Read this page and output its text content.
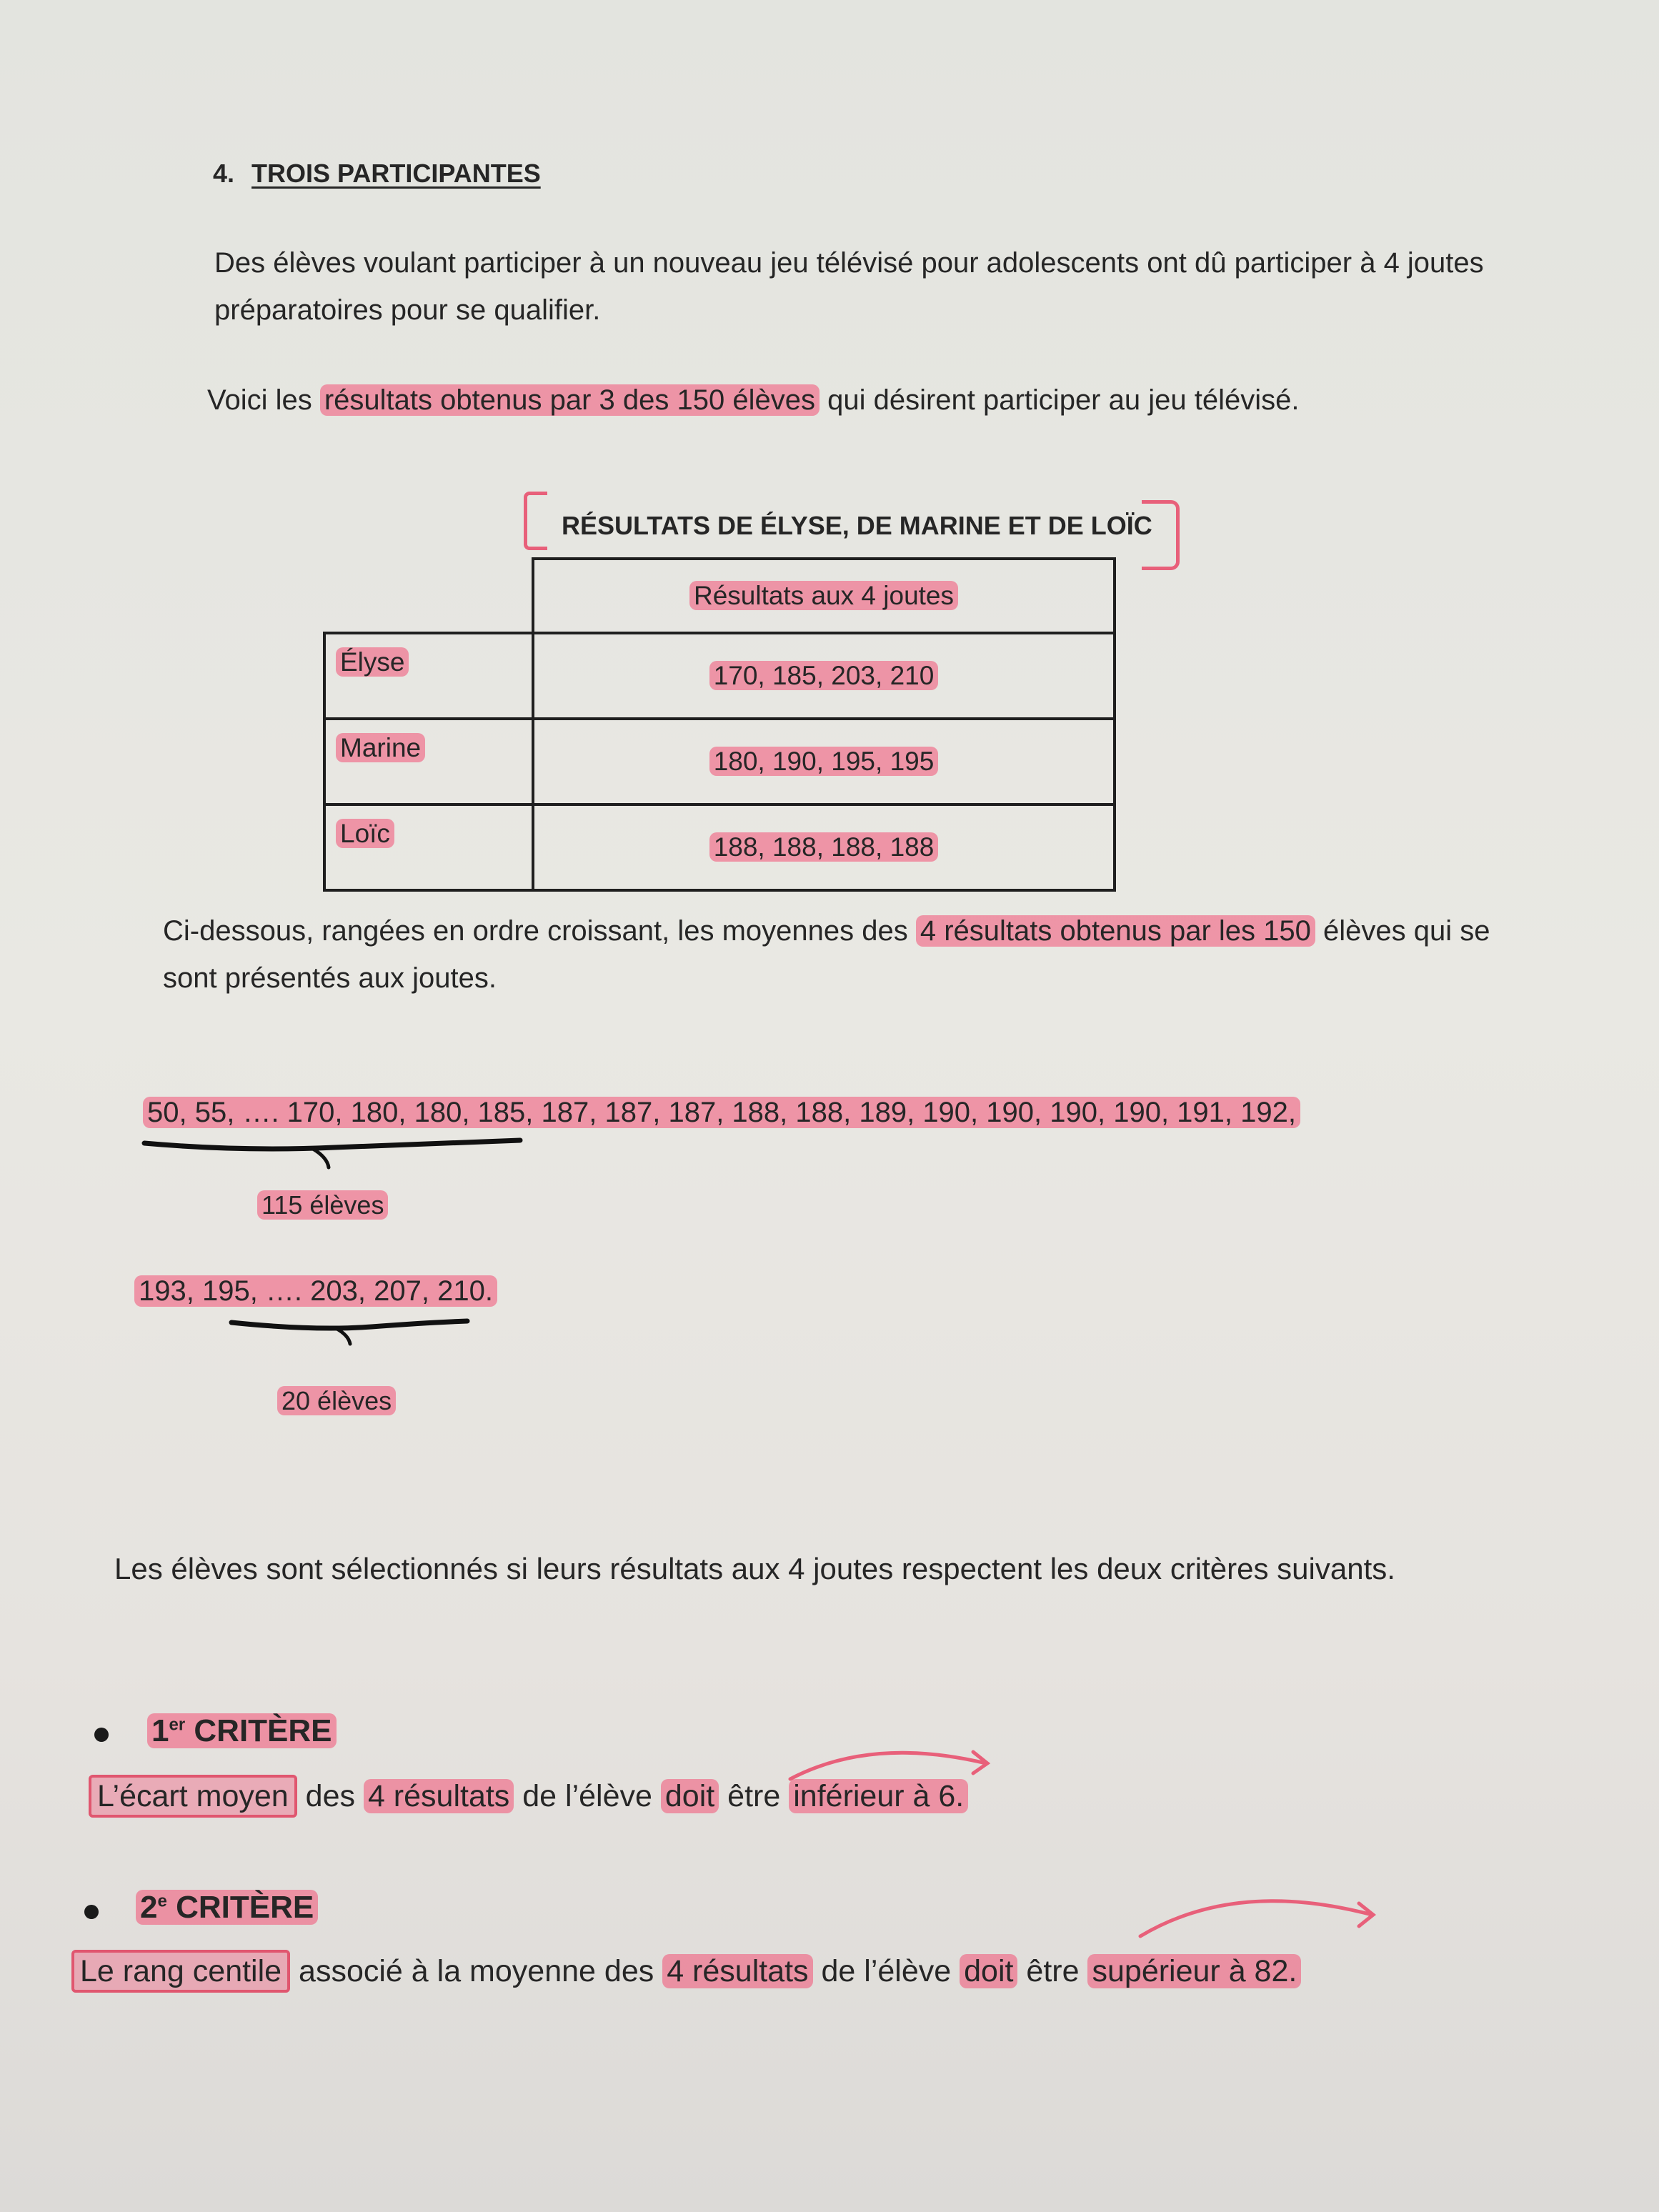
4. TROIS PARTICIPANTES
Des élèves voulant participer à un nouveau jeu télévisé pour adolescents ont dû participer à 4 joutes préparatoires pour se qualifier.
Voici les résultats obtenus par 3 des 150 élèves qui désirent participer au jeu télévisé.
RÉSULTATS DE ÉLYSE, DE MARINE ET DE LOÏC
	Résultats aux 4 joutes
Élyse	170, 185, 203, 210
Marine	180, 190, 195, 195
Loïc	188, 188, 188, 188
Ci-dessous, rangées en ordre croissant, les moyennes des 4 résultats obtenus par les 150 élèves qui se sont présentés aux joutes.
50, 55, …. 170, 180, 180, 185, 187, 187, 187, 188, 188, 189, 190, 190, 190, 190, 191, 192,
115 élèves
193, 195, …. 203, 207, 210.
20 élèves
Les élèves sont sélectionnés si leurs résultats aux 4 joutes respectent les deux critères suivants.
1er CRITÈRE
L’écart moyen des 4 résultats de l’élève doit être inférieur à 6.
2e CRITÈRE
Le rang centile associé à la moyenne des 4 résultats de l’élève doit être supérieur à 82.
